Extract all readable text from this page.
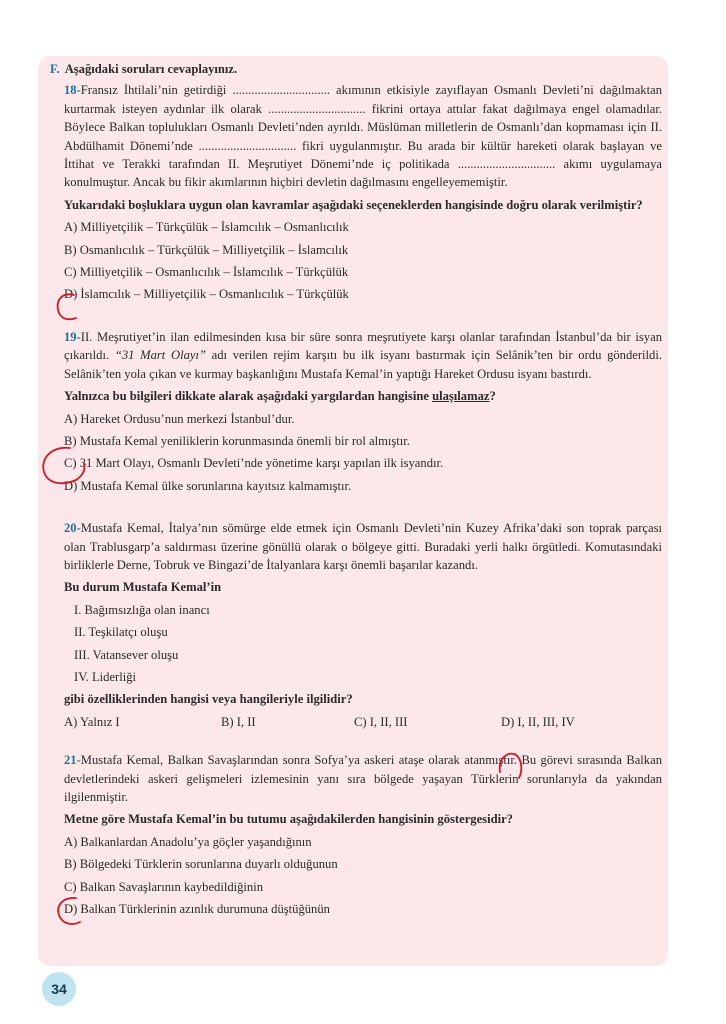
F. Aşağıdaki soruları cevaplayınız.

18-Fransız İhtilali’nin getirdiği ............................... akımının etkisiyle zayıflayan Osmanlı Devleti’ni dağılmaktan kurtarmak isteyen aydınlar ilk olarak ............................... fikrini ortaya attılar fakat dağılmaya engel olamadılar. Böylece Balkan toplulukları Osmanlı Devleti’nden ayrıldı. Müslüman milletlerin de Osmanlı’dan kopmaması için II. Abdülhamit Dönemi’nde ............................... fikri uygulanmıştır. Bu arada bir kültür hareketi olarak başlayan ve İttihat ve Terakki tarafından II. Meşrutiyet Dönemi’nde iç politikada ............................... akımı uygulamaya konulmuştur. Ancak bu fikir akımlarının hiçbiri devletin dağılmasını engelleyememiştir.

Yukarıdaki boşluklara uygun olan kavramlar aşağıdaki seçeneklerden hangisinde doğru olarak verilmiştir?

A) Milliyetçilik – Türkçülük – İslamcılık – Osmanlıcılık
B) Osmanlıcılık – Türkçülük – Milliyetçilik – İslamcılık
C) Milliyetçilik – Osmanlıcılık – İslamcılık – Türkçülük
D) İslamcılık – Milliyetçilik – Osmanlıcılık – Türkçülük

19-II. Meşrutiyet’in ilan edilmesinden kısa bir süre sonra meşrutiyete karşı olanlar tarafından İstanbul’da bir isyan çıkarıldı. “31 Mart Olayı” adı verilen rejim karşıtı bu ilk isyanı bastırmak için Selânik’ten bir ordu gönderildi. Selânik’ten yola çıkan ve kurmay başkanlığını Mustafa Kemal’in yaptığı Hareket Ordusu isyanı bastırdı.

Yalnızca bu bilgileri dikkate alarak aşağıdaki yargılardan hangisine ulaşılamaz?

A) Hareket Ordusu’nun merkezi İstanbul’dur.
B) Mustafa Kemal yeniliklerin korunmasında önemli bir rol almıştır.
C) 31 Mart Olayı, Osmanlı Devleti’nde yönetime karşı yapılan ilk isyandır.
D) Mustafa Kemal ülke sorunlarına kayıtsız kalmamıştır.

20-Mustafa Kemal, İtalya’nın sömürge elde etmek için Osmanlı Devleti’nin Kuzey Afrika’daki son toprak parçası olan Trablusgarp’a saldırması üzerine gönüllü olarak o bölgeye gitti. Buradaki yerli halkı örgütledi. Komutasındaki birliklerle Derne, Tobruk ve Bingazi’de İtalyanlara karşı önemli başarılar kazandı.

Bu durum Mustafa Kemal’in

I. Bağımsızlığa olan inancı
II. Teşkilatçı oluşu
III. Vatansever oluşu
IV. Liderliği

gibi özelliklerinden hangisi veya hangileriyle ilgilidir?

A) Yalnız I	B) I, II	C) I, II, III	D) I, II, III, IV

21-Mustafa Kemal, Balkan Savaşlarından sonra Sofya’ya askeri ataşe olarak atanmıştır. Bu görevi sırasında Balkan devletlerindeki askeri gelişmeleri izlemesinin yanı sıra bölgede yaşayan Türklerin sorunlarıyla da yakından ilgilenmiştir.

Metne göre Mustafa Kemal’in bu tutumu aşağıdakilerden hangisinin göstergesidir?

A) Balkanlardan Anadolu’ya göçler yaşandığının
B) Bölgedeki Türklerin sorunlarına duyarlı olduğunun
C) Balkan Savaşlarının kaybedildiğinin
D) Balkan Türklerinin azınlık durumuna düştüğünün
34
